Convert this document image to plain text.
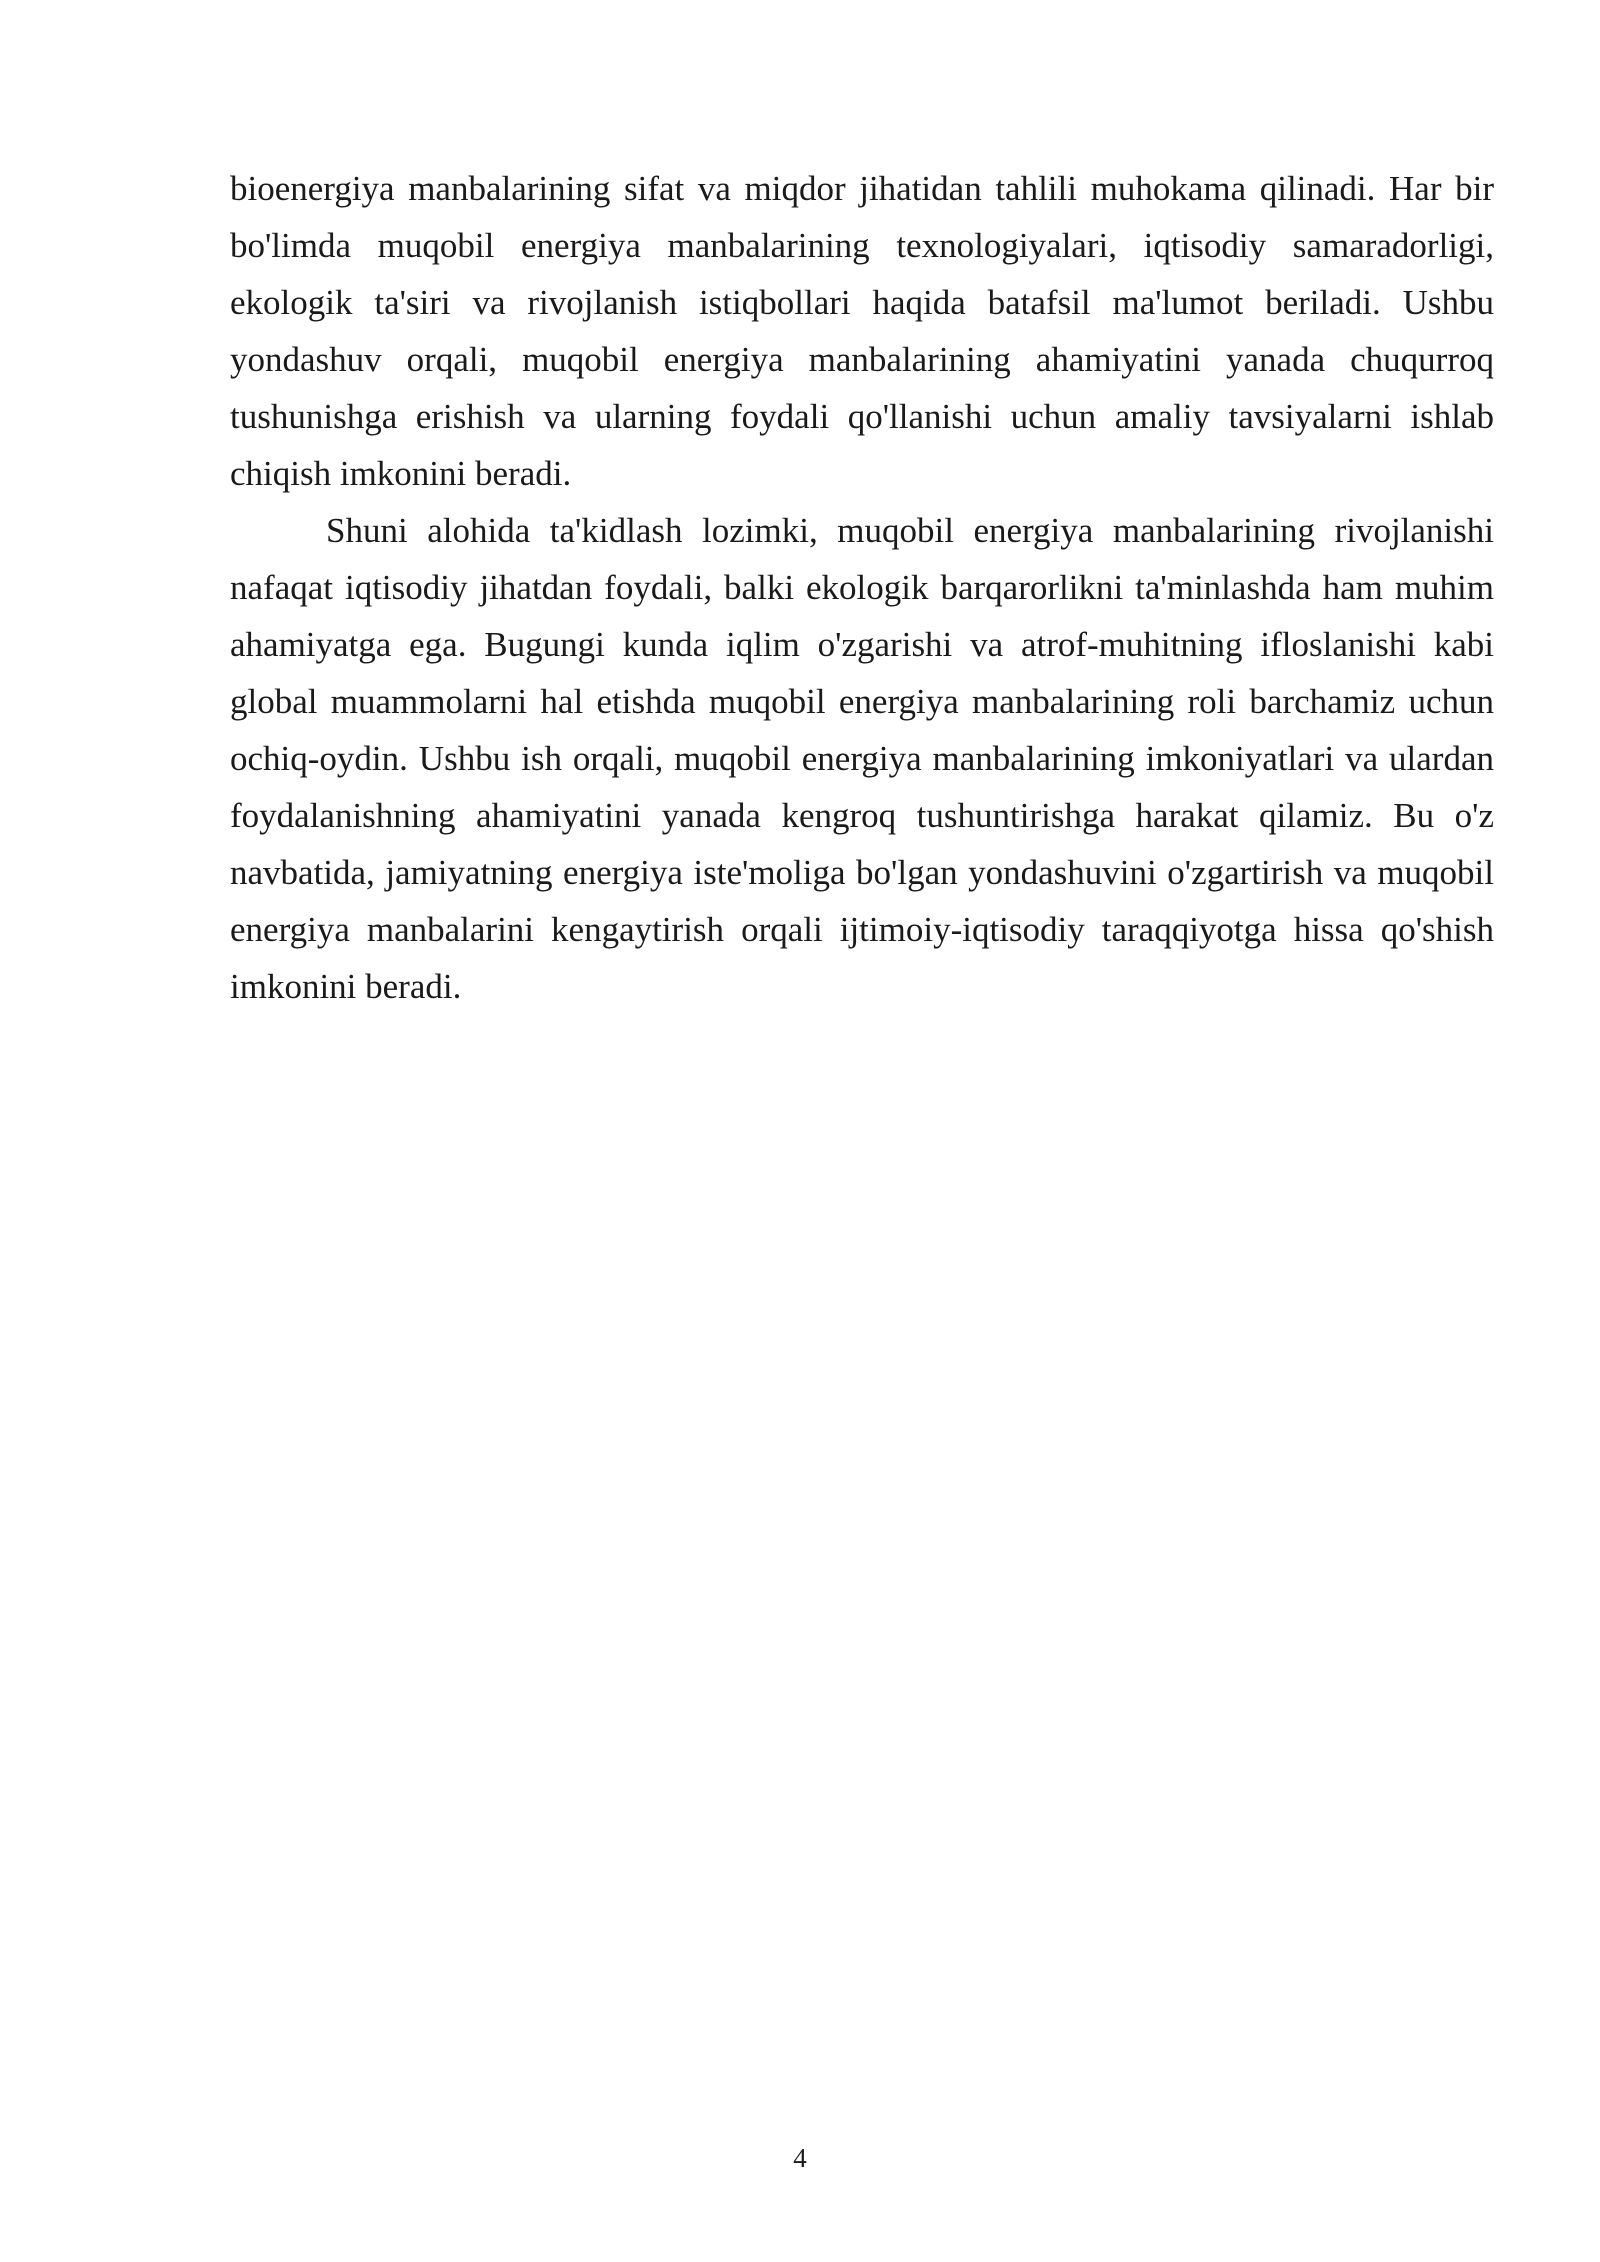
bioenergiya manbalarining sifat va miqdor jihatidan tahlili muhokama qilinadi. Har bir bo'limda muqobil energiya manbalarining texnologiyalari, iqtisodiy samaradorligi, ekologik ta'siri va rivojlanish istiqbollari haqida batafsil ma'lumot beriladi. Ushbu yondashuv orqali, muqobil energiya manbalarining ahamiyatini yanada chuqurroq tushunishga erishish va ularning foydali qo'llanishi uchun amaliy tavsiyalarni ishlab chiqish imkonini beradi.

Shuni alohida ta'kidlash lozimki, muqobil energiya manbalarining rivojlanishi nafaqat iqtisodiy jihatdan foydali, balki ekologik barqarorlikni ta'minlashda ham muhim ahamiyatga ega. Bugungi kunda iqlim o'zgarishi va atrof-muhitning ifloslanishi kabi global muammolarni hal etishda muqobil energiya manbalarining roli barchamiz uchun ochiq-oydin. Ushbu ish orqali, muqobil energiya manbalarining imkoniyatlari va ulardan foydalanishning ahamiyatini yanada kengroq tushuntirishga harakat qilamiz. Bu o'z navbatida, jamiyatning energiya iste'moliga bo'lgan yondashuvini o'zgartirish va muqobil energiya manbalarini kengaytirish orqali ijtimoiy-iqtisodiy taraqqiyotga hissa qo'shish imkonini beradi.

4
